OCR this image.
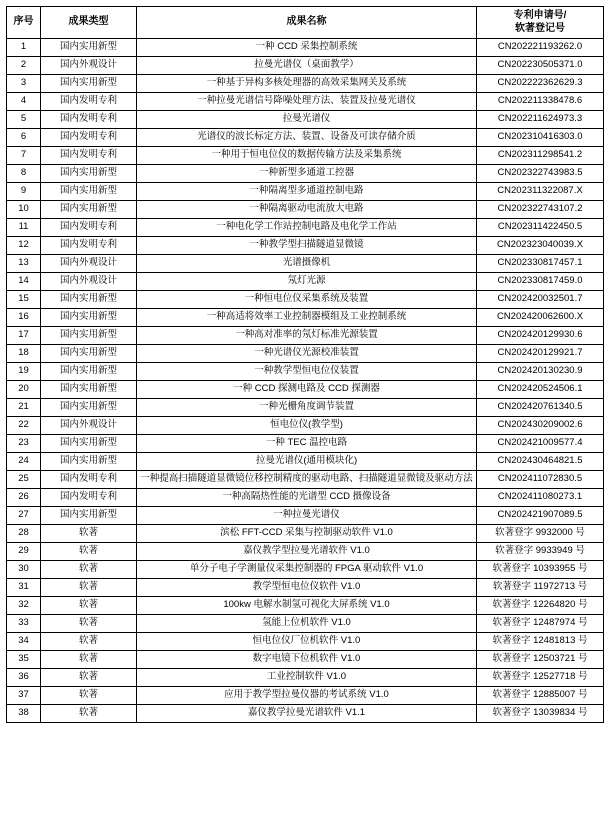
序号	成果类型	成果名称	专利申请号/
软著登记号

1	国内实用新型	一种 CCD 采集控制系统	CN202221193262.0
2	国内外观设计	拉曼光谱仪（桌面教学）	CN202230505371.0
3	国内实用新型	一种基于异构多核处理器的高效采集网关及系统	CN202222362629.3
4	国内发明专利	一种拉曼光谱信号降噪处理方法、装置及拉曼光谱仪	CN202211338478.6
5	国内发明专利	拉曼光谱仪	CN202211624973.3
6	国内发明专利	光谱仪的波长标定方法、装置、设备及可读存储介质	CN202310416303.0
7	国内发明专利	一种用于恒电位仪的数据传输方法及采集系统	CN202311298541.2
8	国内实用新型	一种新型多通道工控器	CN202322743983.5
9	国内实用新型	一种隔离型多通道控制电路	CN202311322087.X
10	国内实用新型	一种隔离驱动电流放大电路	CN202322743107.2
11	国内发明专利	一种电化学工作站控制电路及电化学工作站	CN202311422450.5
12	国内发明专利	一种教学型扫描隧道显微镜	CN202323040039.X
13	国内外观设计	光谱摄像机	CN202330817457.1
14	国内外观设计	氖灯光源	CN202330817459.0
15	国内实用新型	一种恒电位仪采集系统及装置	CN202420032501.7
16	国内实用新型	一种高适将效率工业控制器模组及工业控制系统	CN202420062600.X
17	国内实用新型	一种高对准率的氖灯标准光源装置	CN202420129930.6
18	国内实用新型	一种光谱仪光源校准装置	CN202420129921.7
19	国内实用新型	一种教学型恒电位仪装置	CN202420130230.9
20	国内实用新型	一种 CCD 探测电路及 CCD 探测器	CN202420524506.1
21	国内实用新型	一种光栅角度调节装置	CN202420761340.5
22	国内外观设计	恒电位仪(教学型)	CN202430209002.6
23	国内实用新型	一种 TEC 温控电路	CN202421009577.4
24	国内实用新型	拉曼光谱仪(通用模块化)	CN202430464821.5
25	国内发明专利	一种提高扫描隧道显微镜位移控制精度的驱动电路、扫描隧道显微镜及驱动方法	CN202411072830.5
26	国内发明专利	一种高隔热性能的光谱型 CCD 摄像设备	CN202411080273.1
27	国内实用新型	一种拉曼光谱仪	CN202421907089.5
28	软著	滨松 FFT-CCD 采集与控制驱动软件 V1.0	软著登字 9932000 号
29	软著	嘉仪教学型拉曼光谱软件 V1.0	软著登字 9933949 号
30	软著	单分子电子学测量仪采集控制器的 FPGA 驱动软件 V1.0	软著登字 10393955 号
31	软著	教学型恒电位仪软件 V1.0	软著登字 11972713 号
32	软著	100kw 电解水制氢可视化大屏系统 V1.0	软著登字 12264820 号
33	软著	氢能上位机软件 V1.0	软著登字 12487974 号
34	软著	恒电位仪厂位机软件 V1.0	软著登字 12481813 号
35	软著	数字电镜下位机软件 V1.0	软著登字 12503721 号
36	软著	工业控制软件 V1.0	软著登字 12527718 号
37	软著	应用于教学型拉曼仪器的考试系统 V1.0	软著登字 12885007 号
38	软著	嘉仪教学拉曼光谱软件 V1.1	软著登字 13039834 号
